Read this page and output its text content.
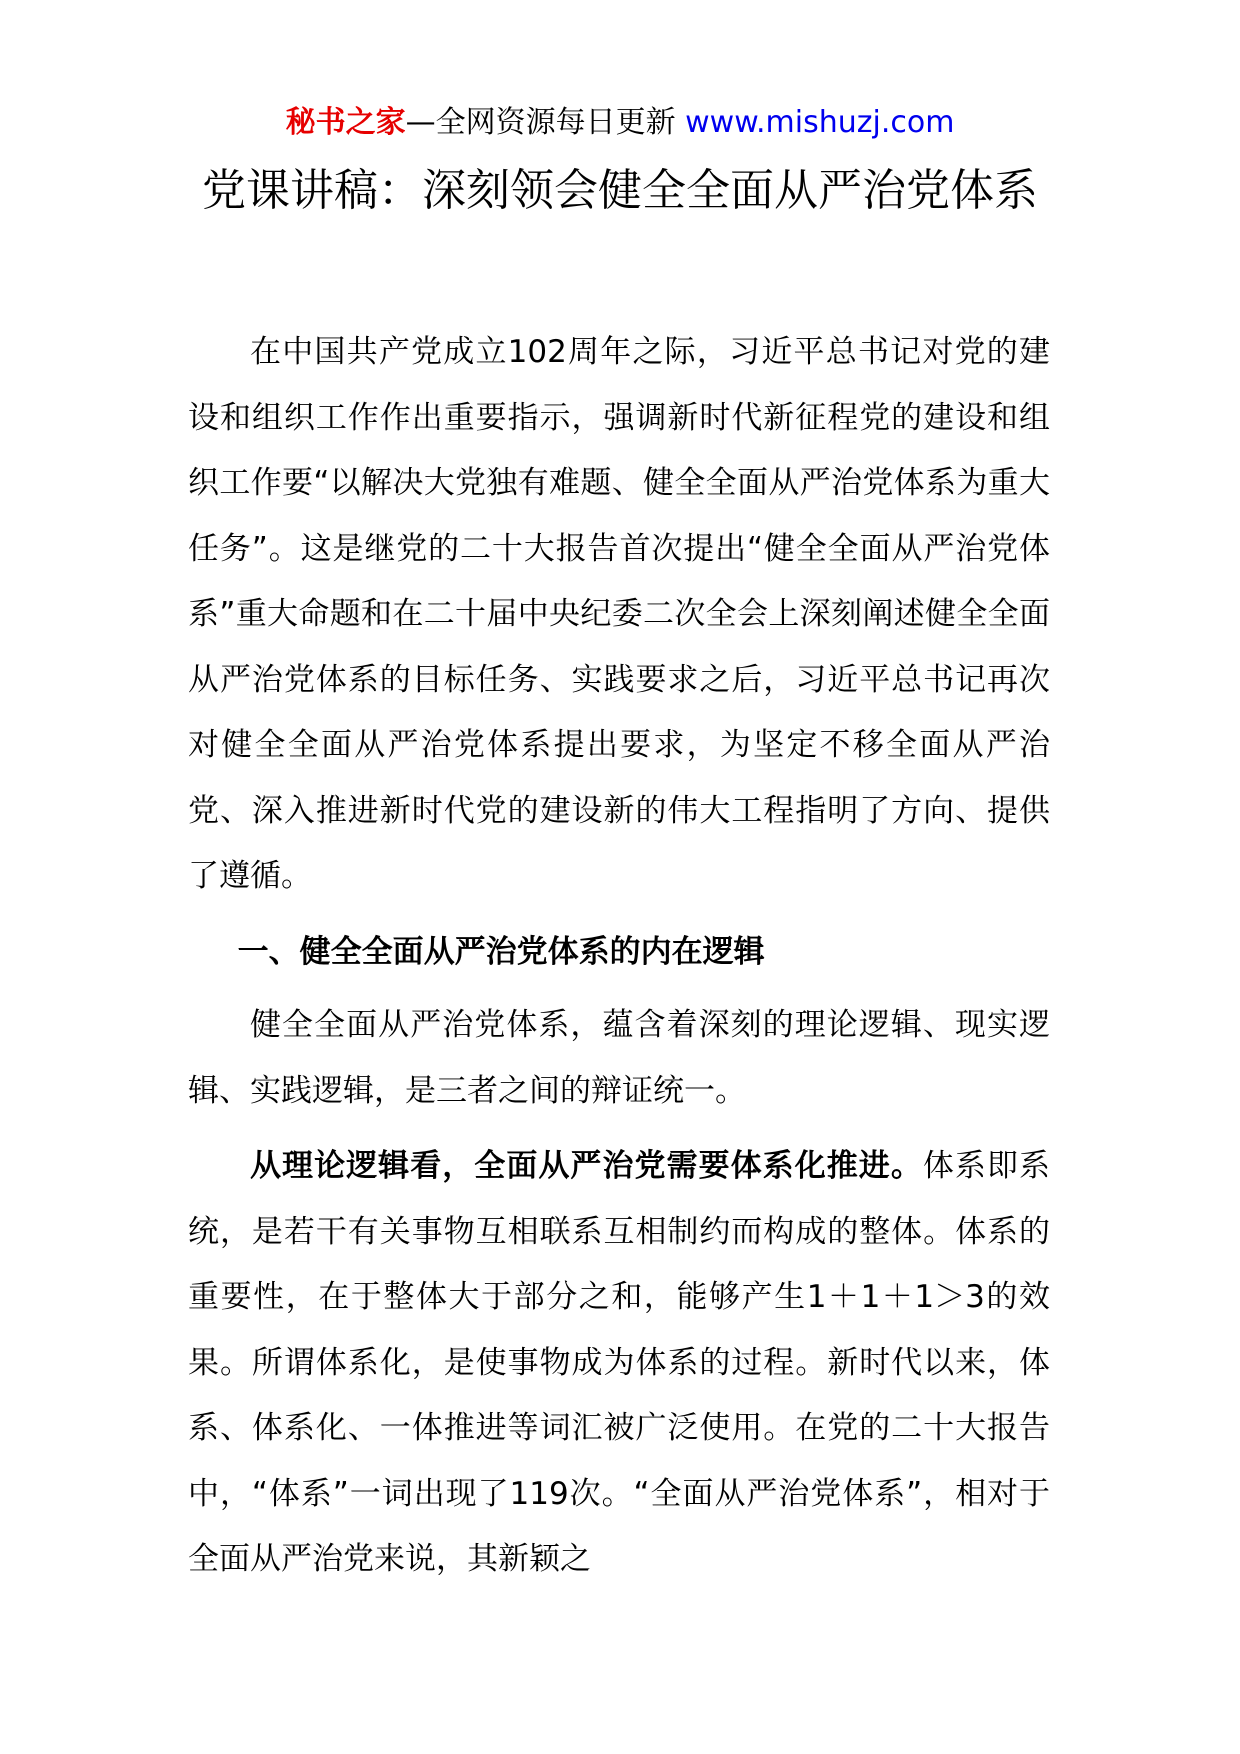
秘书之家—全网资源每日更新 www.mishuzj.com
党课讲稿：深刻领会健全全面从严治党体系

在中国共产党成立102周年之际，习近平总书记对党的建设和组织工作作出重要指示，强调新时代新征程党的建设和组织工作要“以解决大党独有难题、健全全面从严治党体系为重大任务”。这是继党的二十大报告首次提出“健全全面从严治党体系”重大命题和在二十届中央纪委二次全会上深刻阐述健全全面从严治党体系的目标任务、实践要求之后，习近平总书记再次对健全全面从严治党体系提出要求，为坚定不移全面从严治党、深入推进新时代党的建设新的伟大工程指明了方向、提供了遵循。

一、健全全面从严治党体系的内在逻辑

健全全面从严治党体系，蕴含着深刻的理论逻辑、现实逻辑、实践逻辑，是三者之间的辩证统一。

从理论逻辑看，全面从严治党需要体系化推进。体系即系统，是若干有关事物互相联系互相制约而构成的整体。体系的重要性，在于整体大于部分之和，能够产生1＋1＋1＞3的效果。所谓体系化，是使事物成为体系的过程。新时代以来，体系、体系化、一体推进等词汇被广泛使用。在党的二十大报告中，“体系”一词出现了119次。“全面从严治党体系”，相对于全面从严治党来说，其新颖之
